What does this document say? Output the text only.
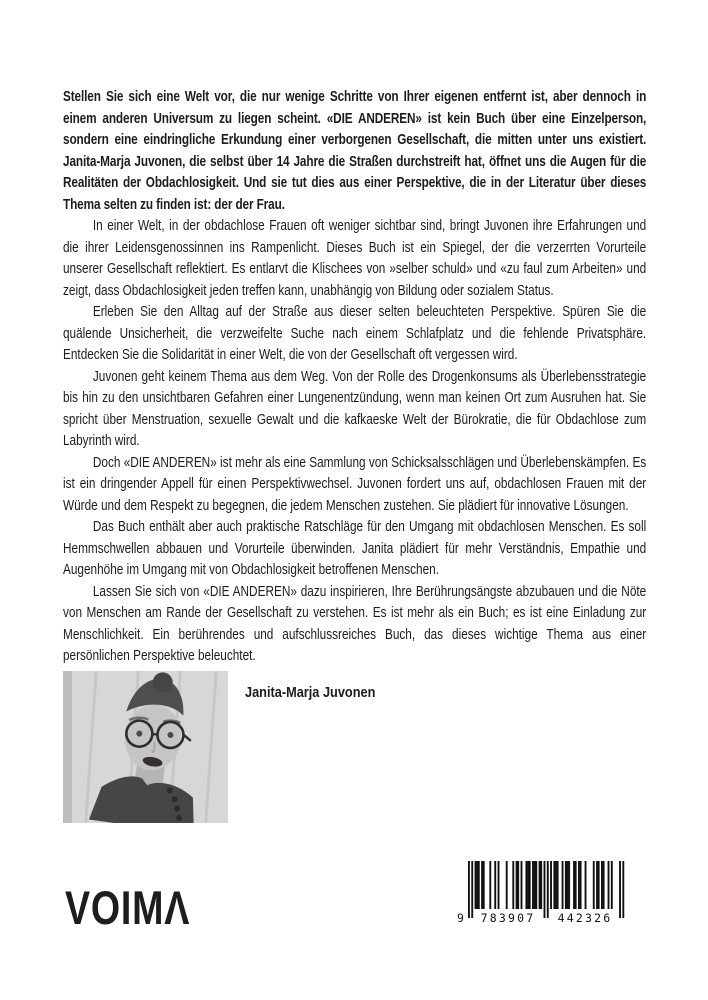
Stellen Sie sich eine Welt vor, die nur wenige Schritte von Ihrer eigenen entfernt ist, aber dennoch in einem anderen Universum zu liegen scheint. «DIE ANDEREN» ist kein Buch über eine Einzelperson, sondern eine eindringliche Erkundung einer verborgenen Gesellschaft, die mitten unter uns existiert. Janita-Marja Juvonen, die selbst über 14 Jahre die Straßen durchstreift hat, öffnet uns die Augen für die Realitäten der Obdachlosigkeit. Und sie tut dies aus einer Perspektive, die in der Literatur über dieses Thema selten zu finden ist: der der Frau.

In einer Welt, in der obdachlose Frauen oft weniger sichtbar sind, bringt Juvonen ihre Erfahrungen und die ihrer Leidensgenossinnen ins Rampenlicht. Dieses Buch ist ein Spiegel, der die verzerrten Vorurteile unserer Gesellschaft reflektiert. Es entlarvt die Klischees von »selber schuld» und «zu faul zum Arbeiten» und zeigt, dass Obdachlosigkeit jeden treffen kann, unabhängig von Bildung oder sozialem Status.

Erleben Sie den Alltag auf der Straße aus dieser selten beleuchteten Perspektive. Spüren Sie die quälende Unsicherheit, die verzweifelte Suche nach einem Schlafplatz und die fehlende Privatsphäre. Entdecken Sie die Solidarität in einer Welt, die von der Gesellschaft oft vergessen wird.

Juvonen geht keinem Thema aus dem Weg. Von der Rolle des Drogenkonsums als Überlebensstrategie bis hin zu den unsichtbaren Gefahren einer Lungenentzündung, wenn man keinen Ort zum Ausruhen hat. Sie spricht über Menstruation, sexuelle Gewalt und die kafkaeske Welt der Bürokratie, die für Obdachlose zum Labyrinth wird.

Doch «DIE ANDEREN» ist mehr als eine Sammlung von Schicksalsschlägen und Überlebenskämpfen. Es ist ein dringender Appell für einen Perspektivwechsel. Juvonen fordert uns auf, obdachlosen Frauen mit der Würde und dem Respekt zu begegnen, die jedem Menschen zustehen. Sie plädiert für innovative Lösungen.

Das Buch enthält aber auch praktische Ratschläge für den Umgang mit obdachlosen Menschen. Es soll Hemmschwellen abbauen und Vorurteile überwinden. Janita plädiert für mehr Verständnis, Empathie und Augenhöhe im Umgang mit von Obdachlosigkeit betroffenen Menschen.

Lassen Sie sich von «DIE ANDEREN» dazu inspirieren, Ihre Berührungsängste abzubauen und die Nöte von Menschen am Rande der Gesellschaft zu verstehen. Es ist mehr als ein Buch; es ist eine Einladung zur Menschlichkeit. Ein berührendes und aufschlussreiches Buch, das dieses wichtige Thema aus einer persönlichen Perspektive beleuchtet.

Janita-Marja Juvonen
VOIMΛ	9 783907 442326
